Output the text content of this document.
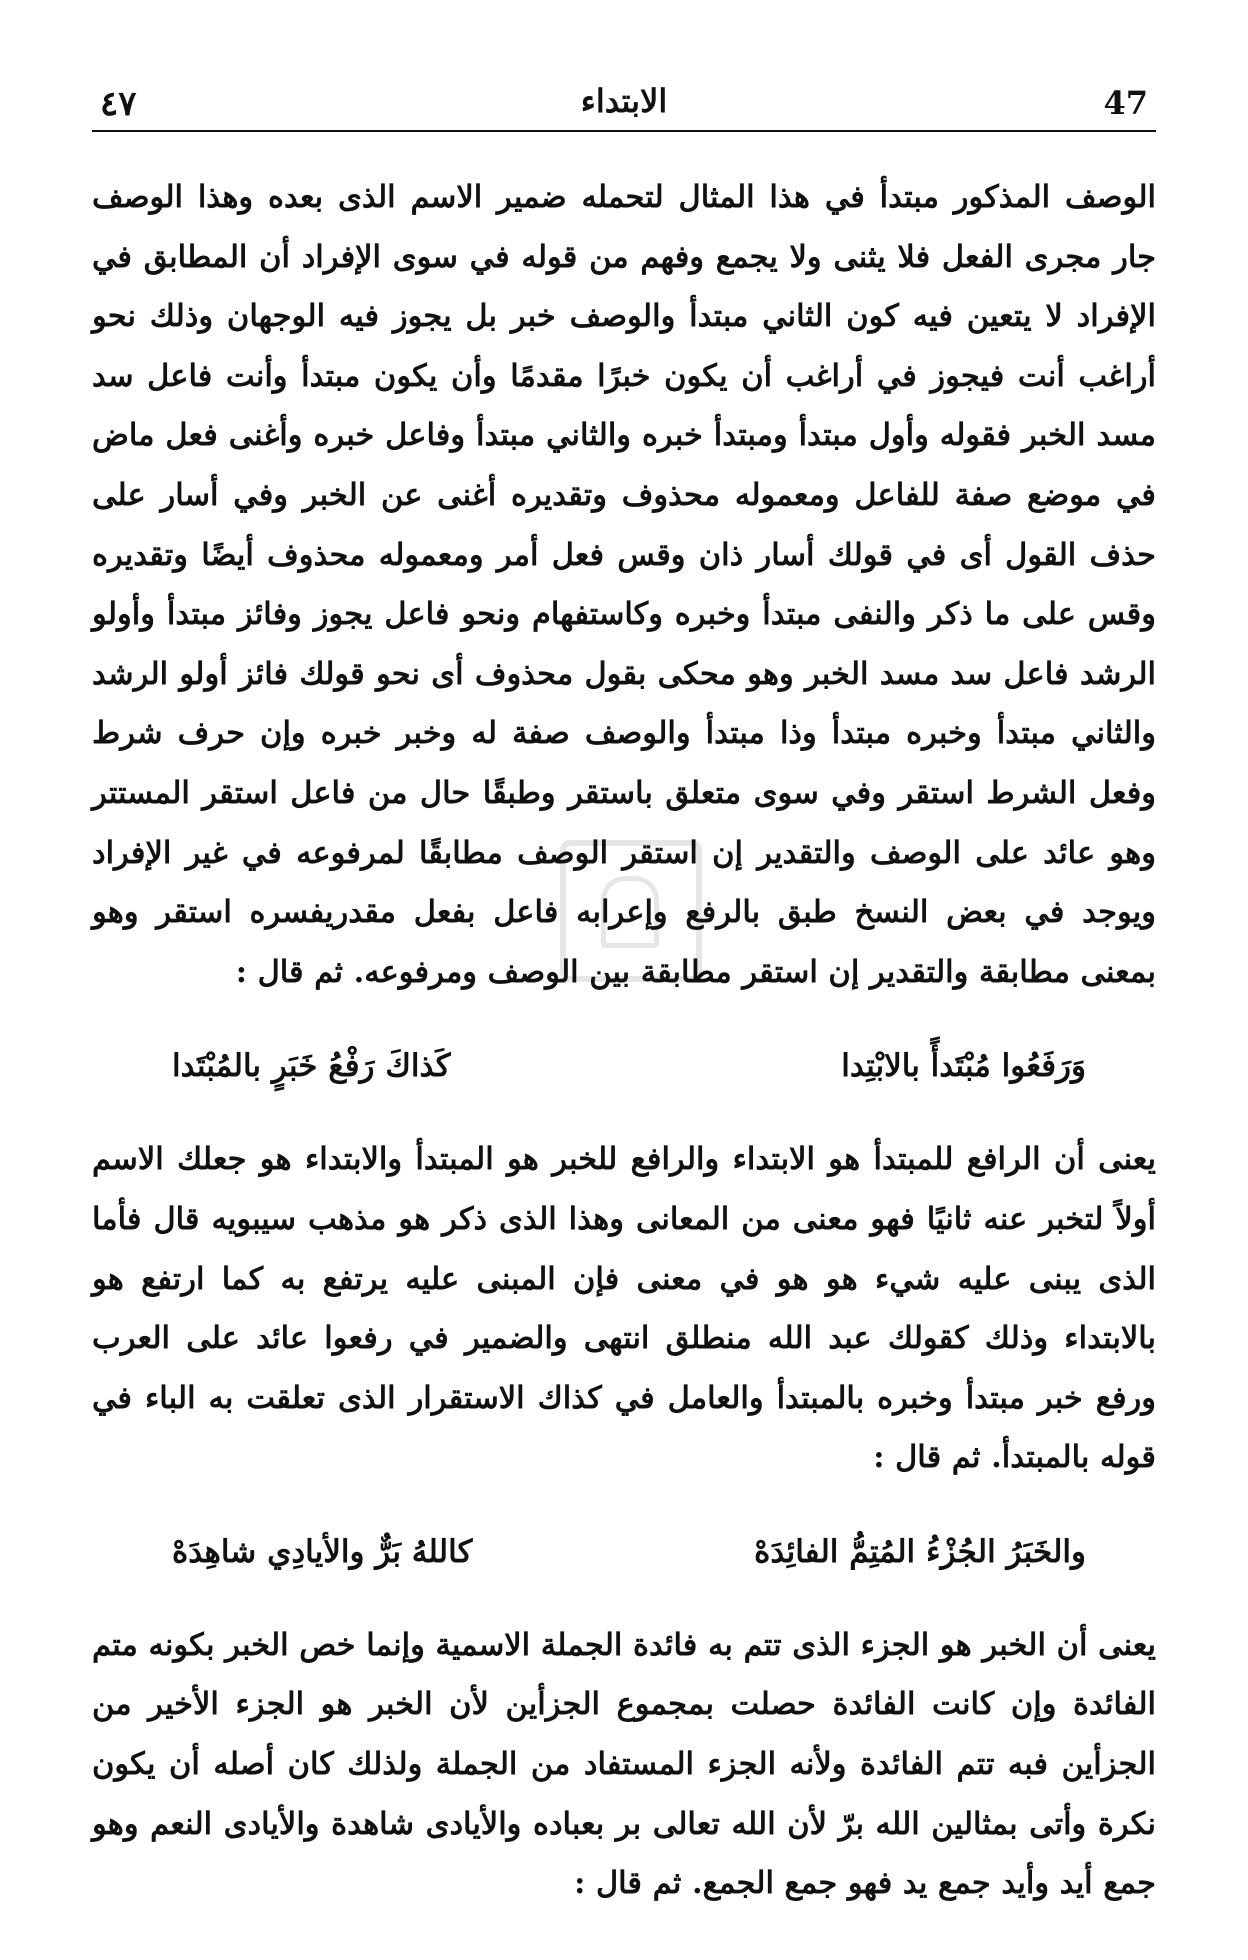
٤٧	الابتداء	47

الوصف المذكور مبتدأ في هذا المثال لتحمله ضمير الاسم الذى بعده وهذا الوصف جار مجرى الفعل فلا يثنى ولا يجمع وفهم من قوله في سوى الإفراد أن المطابق في الإفراد لا يتعين فيه كون الثاني مبتدأ والوصف خبر بل يجوز فيه الوجهان وذلك نحو أراغب أنت فيجوز في أراغب أن يكون خبرًا مقدمًا وأن يكون مبتدأ وأنت فاعل سد مسد الخبر فقوله وأول مبتدأ ومبتدأ خبره والثاني مبتدأ وفاعل خبره وأغنى فعل ماض في موضع صفة للفاعل ومعموله محذوف وتقديره أغنى عن الخبر وفي أسار على حذف القول أى في قولك أسار ذان وقس فعل أمر ومعموله محذوف أيضًا وتقديره وقس على ما ذكر والنفى مبتدأ وخبره وكاستفهام ونحو فاعل يجوز وفائز مبتدأ وأولو الرشد فاعل سد مسد الخبر وهو محكى بقول محذوف أى نحو قولك فائز أولو الرشد والثاني مبتدأ وخبره مبتدأ وذا مبتدأ والوصف صفة له وخبر خبره وإن حرف شرط وفعل الشرط استقر وفي سوى متعلق باستقر وطبقًا حال من فاعل استقر المستتر وهو عائد على الوصف والتقدير إن استقر الوصف مطابقًا لمرفوعه في غير الإفراد ويوجد في بعض النسخ طبق بالرفع وإعرابه فاعل بفعل مقدريفسره استقر وهو بمعنى مطابقة والتقدير إن استقر مطابقة بين الوصف ومرفوعه. ثم قال :

وَرَفَعُوا مُبْتَدأً بالابْتِدا
كَذاكَ رَفْعُ خَبَرٍ بالمُبْتَدا

يعنى أن الرافع للمبتدأ هو الابتداء والرافع للخبر هو المبتدأ والابتداء هو جعلك الاسم أولاً لتخبر عنه ثانيًا فهو معنى من المعانى وهذا الذى ذكر هو مذهب سيبويه قال فأما الذى يبنى عليه شيء هو هو في معنى فإن المبنى عليه يرتفع به كما ارتفع هو بالابتداء وذلك كقولك عبد الله منطلق انتهى والضمير في رفعوا عائد على العرب ورفع خبر مبتدأ وخبره بالمبتدأ والعامل في كذاك الاستقرار الذى تعلقت به الباء في قوله بالمبتدأ. ثم قال :

والخَبَرُ الجُزْءُ المُتِمُّ الفائِدَهْ
كاللهُ بَرٌّ والأيادِي شاهِدَهْ

يعنى أن الخبر هو الجزء الذى تتم به فائدة الجملة الاسمية وإنما خص الخبر بكونه متم الفائدة وإن كانت الفائدة حصلت بمجموع الجزأين لأن الخبر هو الجزء الأخير من الجزأين فبه تتم الفائدة ولأنه الجزء المستفاد من الجملة ولذلك كان أصله أن يكون نكرة وأتى بمثالين الله برّ لأن الله تعالى بر بعباده والأيادى شاهدة والأيادى النعم وهو جمع أيد وأيد جمع يد فهو جمع الجمع. ثم قال :
